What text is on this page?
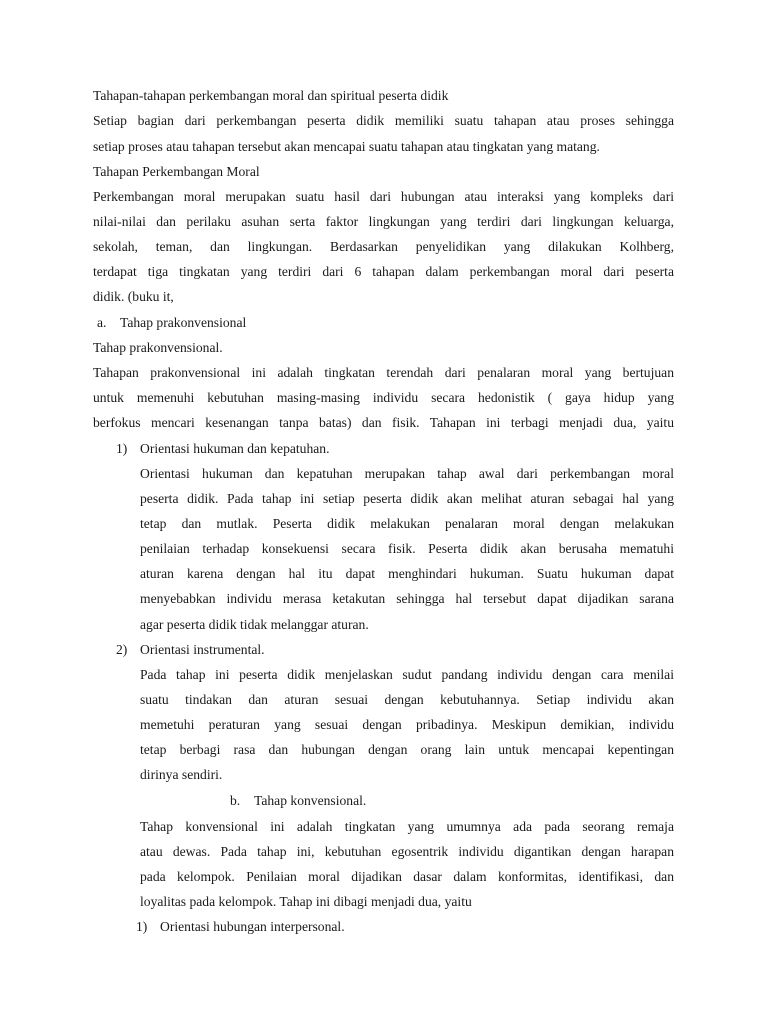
Tahapan-tahapan perkembangan moral dan spiritual peserta didik
Setiap bagian dari perkembangan peserta didik memiliki suatu tahapan atau proses sehingga
setiap proses atau tahapan tersebut akan mencapai suatu tahapan atau tingkatan yang matang.
Tahapan Perkembangan Moral
Perkembangan moral merupakan suatu hasil dari hubungan atau interaksi yang kompleks dari
nilai-nilai dan perilaku asuhan serta faktor lingkungan yang terdiri dari lingkungan keluarga,
sekolah, teman, dan lingkungan. Berdasarkan penyelidikan yang dilakukan Kolhberg,
terdapat tiga tingkatan yang terdiri dari 6 tahapan dalam perkembangan moral dari peserta
didik. (buku it,
a. Tahap prakonvensional
Tahap prakonvensional.
Tahapan prakonvensional ini adalah tingkatan terendah dari penalaran moral yang bertujuan
untuk memenuhi kebutuhan masing-masing individu secara hedonistik ( gaya hidup yang
berfokus mencari kesenangan tanpa batas) dan fisik. Tahapan ini terbagi menjadi dua, yaitu
1) Orientasi hukuman dan kepatuhan.
Orientasi hukuman dan kepatuhan merupakan tahap awal dari perkembangan moral
peserta didik. Pada tahap ini setiap peserta didik akan melihat aturan sebagai hal yang
tetap dan mutlak. Peserta didik melakukan penalaran moral dengan melakukan
penilaian terhadap konsekuensi secara fisik. Peserta didik akan berusaha mematuhi
aturan karena dengan hal itu dapat menghindari hukuman. Suatu hukuman dapat
menyebabkan individu merasa ketakutan sehingga hal tersebut dapat dijadikan sarana
agar peserta didik tidak melanggar aturan.
2) Orientasi instrumental.
Pada tahap ini peserta didik menjelaskan sudut pandang individu dengan cara menilai
suatu tindakan dan aturan sesuai dengan kebutuhannya. Setiap individu akan
memetuhi peraturan yang sesuai dengan pribadinya. Meskipun demikian, individu
tetap berbagi rasa dan hubungan dengan orang lain untuk mencapai kepentingan
dirinya sendiri.
b. Tahap konvensional.
Tahap konvensional ini adalah tingkatan yang umumnya ada pada seorang remaja
atau dewas. Pada tahap ini, kebutuhan egosentrik individu digantikan dengan harapan
pada kelompok. Penilaian moral dijadikan dasar dalam konformitas, identifikasi, dan
loyalitas pada kelompok. Tahap ini dibagi menjadi dua, yaitu
1) Orientasi hubungan interpersonal.
